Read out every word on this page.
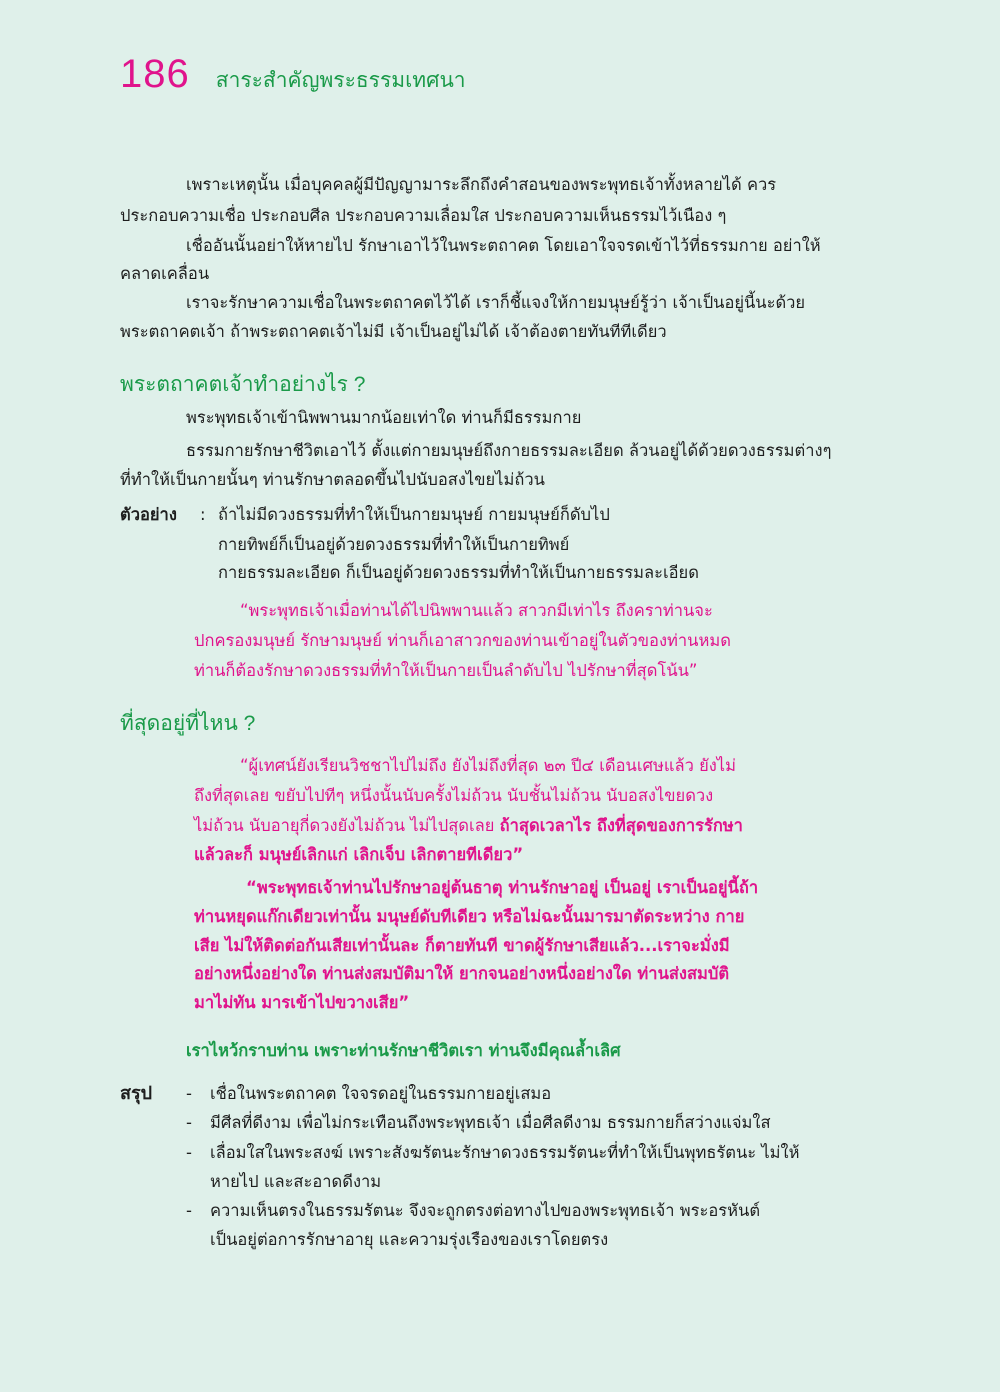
186 สาระสำคัญพระธรรมเทศนา
เพราะเหตุนั้น เมื่อบุคคลผู้มีปัญญามาระลึกถึงคำสอนของพระพุทธเจ้าทั้งหลายได้ ควร
ประกอบความเชื่อ ประกอบศีล ประกอบความเลื่อมใส ประกอบความเห็นธรรมไว้เนือง ๆ
เชื่ออันนั้นอย่าให้หายไป รักษาเอาไว้ในพระตถาคต โดยเอาใจจรดเข้าไว้ที่ธรรมกาย อย่าให้
คลาดเคลื่อน
เราจะรักษาความเชื่อในพระตถาคตไว้ได้ เราก็ชี้แจงให้กายมนุษย์รู้ว่า เจ้าเป็นอยู่นี้นะด้วย
พระตถาคตเจ้า ถ้าพระตถาคตเจ้าไม่มี เจ้าเป็นอยู่ไม่ได้ เจ้าต้องตายทันทีทีเดียว
พระตถาคตเจ้าทำอย่างไร ?
พระพุทธเจ้าเข้านิพพานมากน้อยเท่าใด ท่านก็มีธรรมกาย
ธรรมกายรักษาชีวิตเอาไว้ ตั้งแต่กายมนุษย์ถึงกายธรรมละเอียด ล้วนอยู่ได้ด้วยดวงธรรมต่างๆ
ที่ทำให้เป็นกายนั้นๆ ท่านรักษาตลอดขึ้นไปนับอสงไขยไม่ถ้วน
ตัวอย่าง : ถ้าไม่มีดวงธรรมที่ทำให้เป็นกายมนุษย์ กายมนุษย์ก็ดับไป
กายทิพย์ก็เป็นอยู่ด้วยดวงธรรมที่ทำให้เป็นกายทิพย์
กายธรรมละเอียด ก็เป็นอยู่ด้วยดวงธรรมที่ทำให้เป็นกายธรรมละเอียด
“พระพุทธเจ้าเมื่อท่านได้ไปนิพพานแล้ว สาวกมีเท่าไร ถึงคราท่านจะ
ปกครองมนุษย์ รักษามนุษย์ ท่านก็เอาสาวกของท่านเข้าอยู่ในตัวของท่านหมด
ท่านก็ต้องรักษาดวงธรรมที่ทำให้เป็นกายเป็นลำดับไป ไปรักษาที่สุดโน้น”
ที่สุดอยู่ที่ไหน ?
“ผู้เทศน์ยังเรียนวิชชาไปไม่ถึง ยังไม่ถึงที่สุด ๒๓ ปี๔ เดือนเศษแล้ว ยังไม่
ถึงที่สุดเลย ขยับไปทีๆ หนึ่งนั้นนับครั้งไม่ถ้วน นับชั้นไม่ถ้วน นับอสงไขยดวง
ไม่ถ้วน นับอายุกี่ดวงยังไม่ถ้วน ไม่ไปสุดเลย ถ้าสุดเวลาไร ถึงที่สุดของการรักษา
แล้วละก็ มนุษย์เลิกแก่ เลิกเจ็บ เลิกตายทีเดียว”
“พระพุทธเจ้าท่านไปรักษาอยู่ต้นธาตุ ท่านรักษาอยู่ เป็นอยู่ เราเป็นอยู่นี้ถ้า
ท่านหยุดแก๊กเดียวเท่านั้น มนุษย์ดับทีเดียว หรือไม่ฉะนั้นมารมาตัดระหว่าง กาย
เสีย ไม่ให้ติดต่อกันเสียเท่านั้นละ ก็ตายทันที ขาดผู้รักษาเสียแล้ว...เราจะมั่งมี
อย่างหนึ่งอย่างใด ท่านส่งสมบัติมาให้ ยากจนอย่างหนึ่งอย่างใด ท่านส่งสมบัติ
มาไม่ทัน มารเข้าไปขวางเสีย”
เราไหว้กราบท่าน เพราะท่านรักษาชีวิตเรา ท่านจึงมีคุณล้ำเลิศ
สรุป - เชื่อในพระตถาคต ใจจรดอยู่ในธรรมกายอยู่เสมอ
- มีศีลที่ดีงาม เพื่อไม่กระเทือนถึงพระพุทธเจ้า เมื่อศีลดีงาม ธรรมกายก็สว่างแจ่มใส
- เลื่อมใสในพระสงฆ์ เพราะสังฆรัตนะรักษาดวงธรรมรัตนะที่ทำให้เป็นพุทธรัตนะ ไม่ให้
หายไป และสะอาดดีงาม
- ความเห็นตรงในธรรมรัตนะ จึงจะถูกตรงต่อทางไปของพระพุทธเจ้า พระอรหันต์
เป็นอยู่ต่อการรักษาอายุ และความรุ่งเรืองของเราโดยตรง
